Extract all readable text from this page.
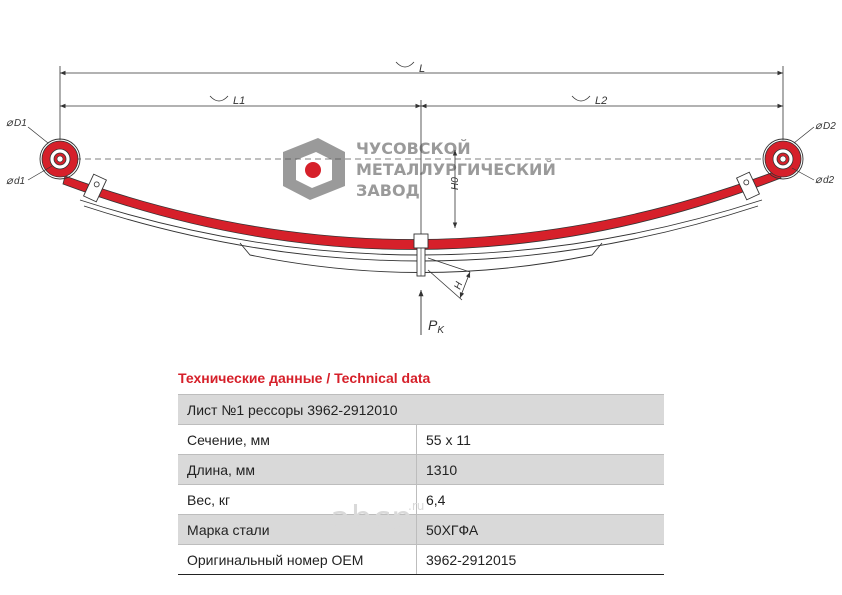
ЧУСОВСКОЙ
МЕТАЛЛУРГИЧЕСКИЙ
ЗАВОД
L
L1	L2
H0
⌀ D1
⌀ d1
⌀ D2
⌀ d2
H
$P_K$
Технические данные / Technical data
Лист №1 рессоры 3962-2912010	
Сечение, мм	55 х 11
Длина, мм	1310
Вес, кг	6,4
Марка стали	50ХГФА
Оригинальный номер OEM	3962-2912015
abcp
.ru
